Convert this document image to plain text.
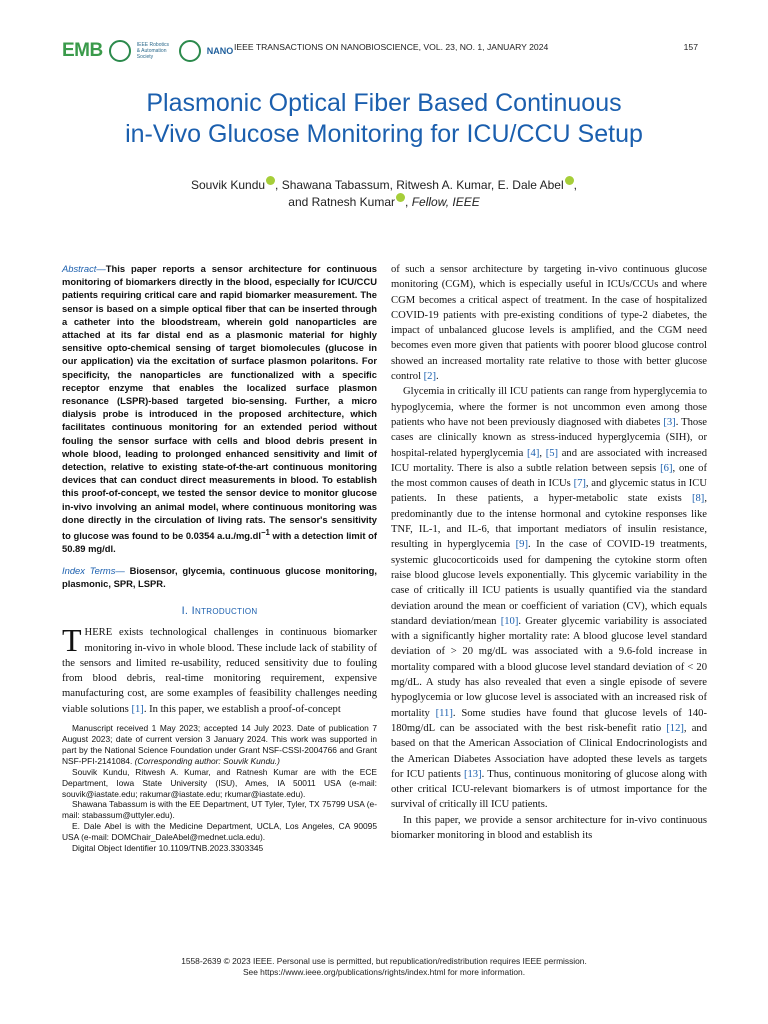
EMB	IEEE Robotics & Automation Society
NANO IEEE TRANSACTIONS ON NANOBIOSCIENCE, VOL. 23, NO. 1, JANUARY 2024	157
Plasmonic Optical Fiber Based Continuous
in-Vivo Glucose Monitoring for ICU/CCU Setup
Souvik Kundu , Shawana Tabassum, Ritwesh A. Kumar, E. Dale Abel ,
and Ratnesh Kumar , Fellow, IEEE
Abstract—This paper reports a sensor architecture for continuous monitoring of biomarkers directly in the blood, especially for ICU/CCU patients requiring critical care and rapid biomarker measurement. The sensor is based on a simple optical fiber that can be inserted through a catheter into the bloodstream, wherein gold nanoparticles are attached at its far distal end as a plasmonic material for highly sensitive opto-chemical sensing of target biomolecules (glucose in our application) via the excitation of surface plasmon polaritons. For specificity, the nanoparticles are functionalized with a specific receptor enzyme that enables the localized surface plasmon resonance (LSPR)-based targeted bio-sensing. Further, a micro dialysis probe is introduced in the proposed architecture, which facilitates continuous monitoring for an extended period without fouling the sensor surface with cells and blood debris present in whole blood, leading to prolonged enhanced sensitivity and limit of detection, relative to existing state-of-the-art continuous monitoring devices that can conduct direct measurements in blood. To establish this proof-of-concept, we tested the sensor device to monitor glucose in-vivo involving an animal model, where continuous monitoring was done directly in the circulation of living rats. The sensor's sensitivity to glucose was found to be 0.0354 $a.u./mg.dl^{-1}$ with a detection limit of 50.89 mg/dl.
Index Terms— Biosensor, glycemia, continuous glucose monitoring, plasmonic, SPR, LSPR.
I. Introduction

THERE exists technological challenges in continuous biomarker monitoring in-vivo in whole blood. These include lack of stability of the sensors and limited re-usability, reduced sensitivity due to fouling from blood debris, real-time monitoring requirement, expensive manufacturing cost, are some examples of feasibility challenges needing viable solutions [1]. In this paper, we establish a proof-of-concept

Manuscript received 1 May 2023; accepted 14 July 2023. Date of publication 7 August 2023; date of current version 3 January 2024. This work was supported in part by the National Science Foundation under Grant NSF-CSSI-2004766 and Grant NSF-PFI-2141084. (Corresponding author: Souvik Kundu.)

Souvik Kundu, Ritwesh A. Kumar, and Ratnesh Kumar are with the ECE Department, Iowa State University (ISU), Ames, IA 50011 USA (e-mail: souvik@iastate.edu; rakumar@iastate.edu; rkumar@iastate.edu).

Shawana Tabassum is with the EE Department, UT Tyler, Tyler, TX 75799 USA (e-mail: stabassum@uttyler.edu).

E. Dale Abel is with the Medicine Department, UCLA, Los Angeles, CA 90095 USA (e-mail: DOMChair_DaleAbel@mednet.ucla.edu).

Digital Object Identifier 10.1109/TNB.2023.3303345

of such a sensor architecture by targeting in-vivo continuous glucose monitoring (CGM), which is especially useful in ICUs/CCUs and where CGM becomes a critical aspect of treatment. In the case of hospitalized COVID-19 patients with pre-existing conditions of type-2 diabetes, the impact of unbalanced glucose levels is amplified, and the CGM need becomes even more given that patients with poorer blood glucose control showed an increased mortality rate relative to those with better glucose control [2].

Glycemia in critically ill ICU patients can range from hyperglycemia to hypoglycemia, where the former is not uncommon even among those patients who have not been previously diagnosed with diabetes [3]. Those cases are clinically known as stress-induced hyperglycemia (SIH), or hospital-related hyperglycemia [4], [5] and are associated with increased ICU mortality. There is also a subtle relation between sepsis [6], one of the most common causes of death in ICUs [7], and glycemic status in ICU patients. In these patients, a hyper-metabolic state exists [8], predominantly due to the intense hormonal and cytokine responses like TNF, IL-1, and IL-6, that important mediators of insulin resistance, resulting in hyperglycemia [9]. In the case of COVID-19 treatments, systemic glucocorticoids used for dampening the cytokine storm often raise blood glucose levels exponentially. This glycemic variability in the case of critically ill ICU patients is usually quantified via the standard deviation around the mean or coefficient of variation (CV), which equals standard deviation/mean [10]. Greater glycemic variability is associated with a significantly higher mortality rate: A blood glucose level standard deviation of > 20 mg/dL was associated with a 9.6-fold increase in mortality compared with a blood glucose level standard deviation of < 20 mg/dL. A study has also revealed that even a single episode of severe hypoglycemia or low glucose level is associated with an increased risk of mortality [11]. Some studies have found that glucose levels of 140-180mg/dL can be associated with the best risk-benefit ratio [12], and based on that the American Association of Clinical Endocrinologists and the American Diabetes Association have adopted these levels as targets for ICU patients [13]. Thus, continuous monitoring of glucose along with other critical ICU-relevant biomarkers is of utmost importance for the survival of critically ill ICU patients.

In this paper, we provide a sensor architecture for in-vivo continuous biomarker monitoring in blood and establish its

1558-2639 © 2023 IEEE. Personal use is permitted, but republication/redistribution requires IEEE permission.
See https://www.ieee.org/publications/rights/index.html for more information.
